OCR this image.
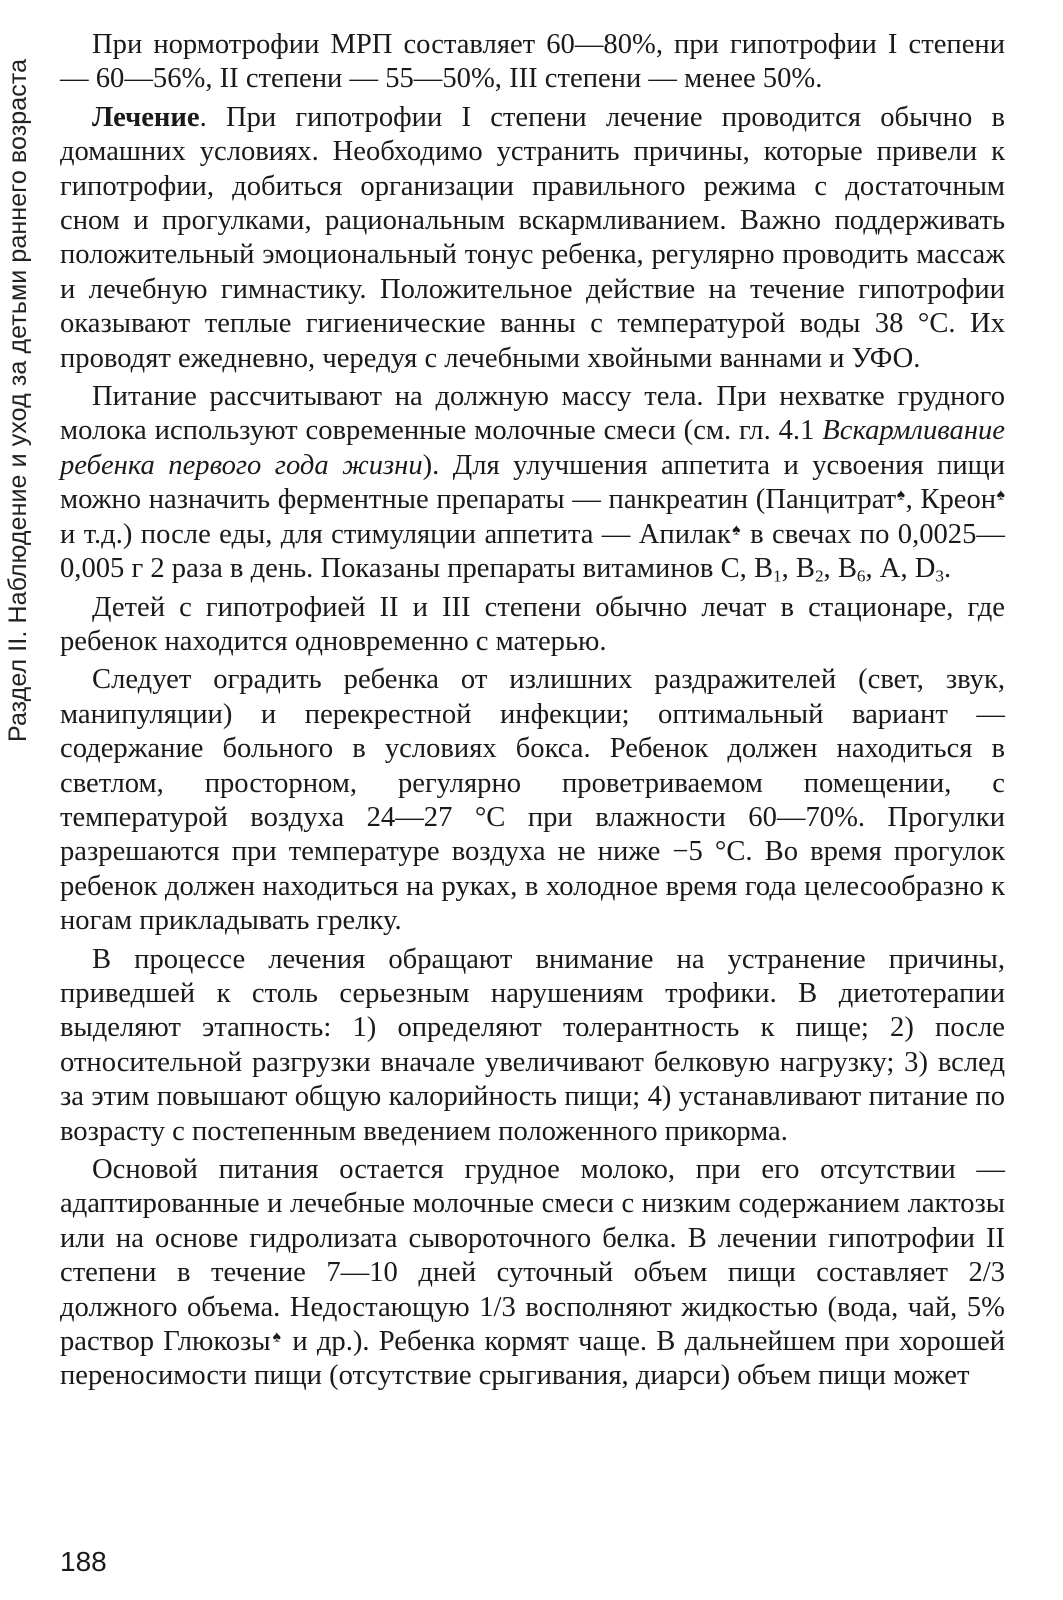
Раздел II. Наблюдение и уход за детьми раннего возраста

При нормотрофии МРП составляет 60—80%, при гипотрофии I степени — 60—56%, II степени — 55—50%, III степени — менее 50%.

Лечение. При гипотрофии I степени лечение проводится обычно в домашних условиях. Необходимо устранить причины, которые привели к гипотрофии, добиться организации правильного режима с достаточным сном и прогулками, рациональным вскармливанием. Важно поддерживать положительный эмоциональный тонус ребенка, регулярно проводить массаж и лечебную гимнастику. Положительное действие на течение гипотрофии оказывают теплые гигиенические ванны с температурой воды 38 °С. Их проводят ежедневно, чередуя с лечебными хвойными ваннами и УФО.

Питание рассчитывают на должную массу тела. При нехватке грудного молока используют современные молочные смеси (см. гл. 4.1 Вскармливание ребенка первого года жизни). Для улучшения аппетита и усвоения пищи можно назначить ферментные препараты — панкреатин (Панцитрат♠, Креон♠ и т.д.) после еды, для стимуляции аппетита — Апилак♠ в свечах по 0,0025—0,005 г 2 раза в день. Показаны препараты витаминов С, $В_1$, $В_2$, $В_6$, А, $D_3$.

Детей с гипотрофией II и III степени обычно лечат в стационаре, где ребенок находится одновременно с матерью.

Следует оградить ребенка от излишних раздражителей (свет, звук, манипуляции) и перекрестной инфекции; оптимальный вариант — содержание больного в условиях бокса. Ребенок должен находиться в светлом, просторном, регулярно проветриваемом помещении, с температурой воздуха 24—27 °С при влажности 60—70%. Прогулки разрешаются при температуре воздуха не ниже −5 °С. Во время прогулок ребенок должен находиться на руках, в холодное время года целесообразно к ногам прикладывать грелку.

В процессе лечения обращают внимание на устранение причины, приведшей к столь серьезным нарушениям трофики. В диетотерапии выделяют этапность: 1) определяют толерантность к пище; 2) после относительной разгрузки вначале увеличивают белковую нагрузку; 3) вслед за этим повышают общую калорийность пищи; 4) устанавливают питание по возрасту с постепенным введением положенного прикорма.

Основой питания остается грудное молоко, при его отсутствии — адаптированные и лечебные молочные смеси с низким содержанием лактозы или на основе гидролизата сывороточного белка. В лечении гипотрофии II степени в течение 7—10 дней суточный объем пищи составляет 2/3 должного объема. Недостающую 1/3 восполняют жидкостью (вода, чай, 5% раствор Глюкозы♠ и др.). Ребенка кормят чаще. В дальнейшем при хорошей переносимости пищи (отсутствие срыгивания, диарси) объем пищи может

188
